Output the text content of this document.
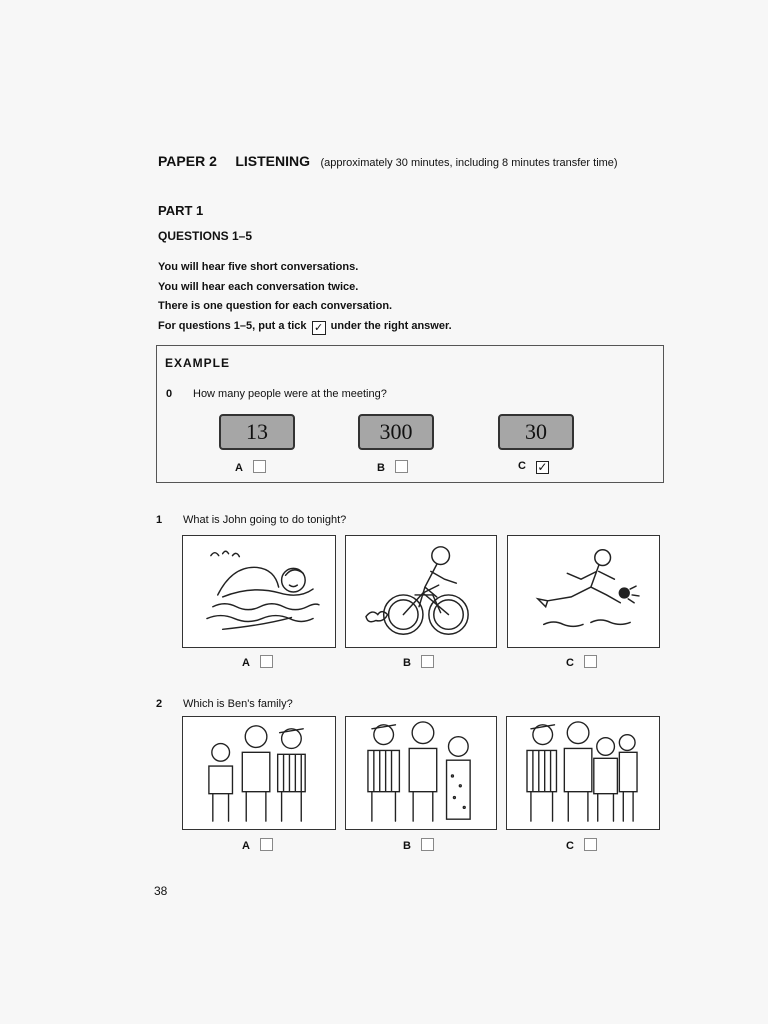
PAPER 2 LISTENING (approximately 30 minutes, including 8 minutes transfer time)
PART 1
QUESTIONS 1–5
You will hear five short conversations.
You will hear each conversation twice.
There is one question for each conversation.
For questions 1–5, put a tick ✓ under the right answer.
EXAMPLE
0 How many people were at the meeting?
13	300	30
A	B	C ✓
1 What is John going to do tonight?
A	B	C
2 Which is Ben's family?
A	B	C
38
